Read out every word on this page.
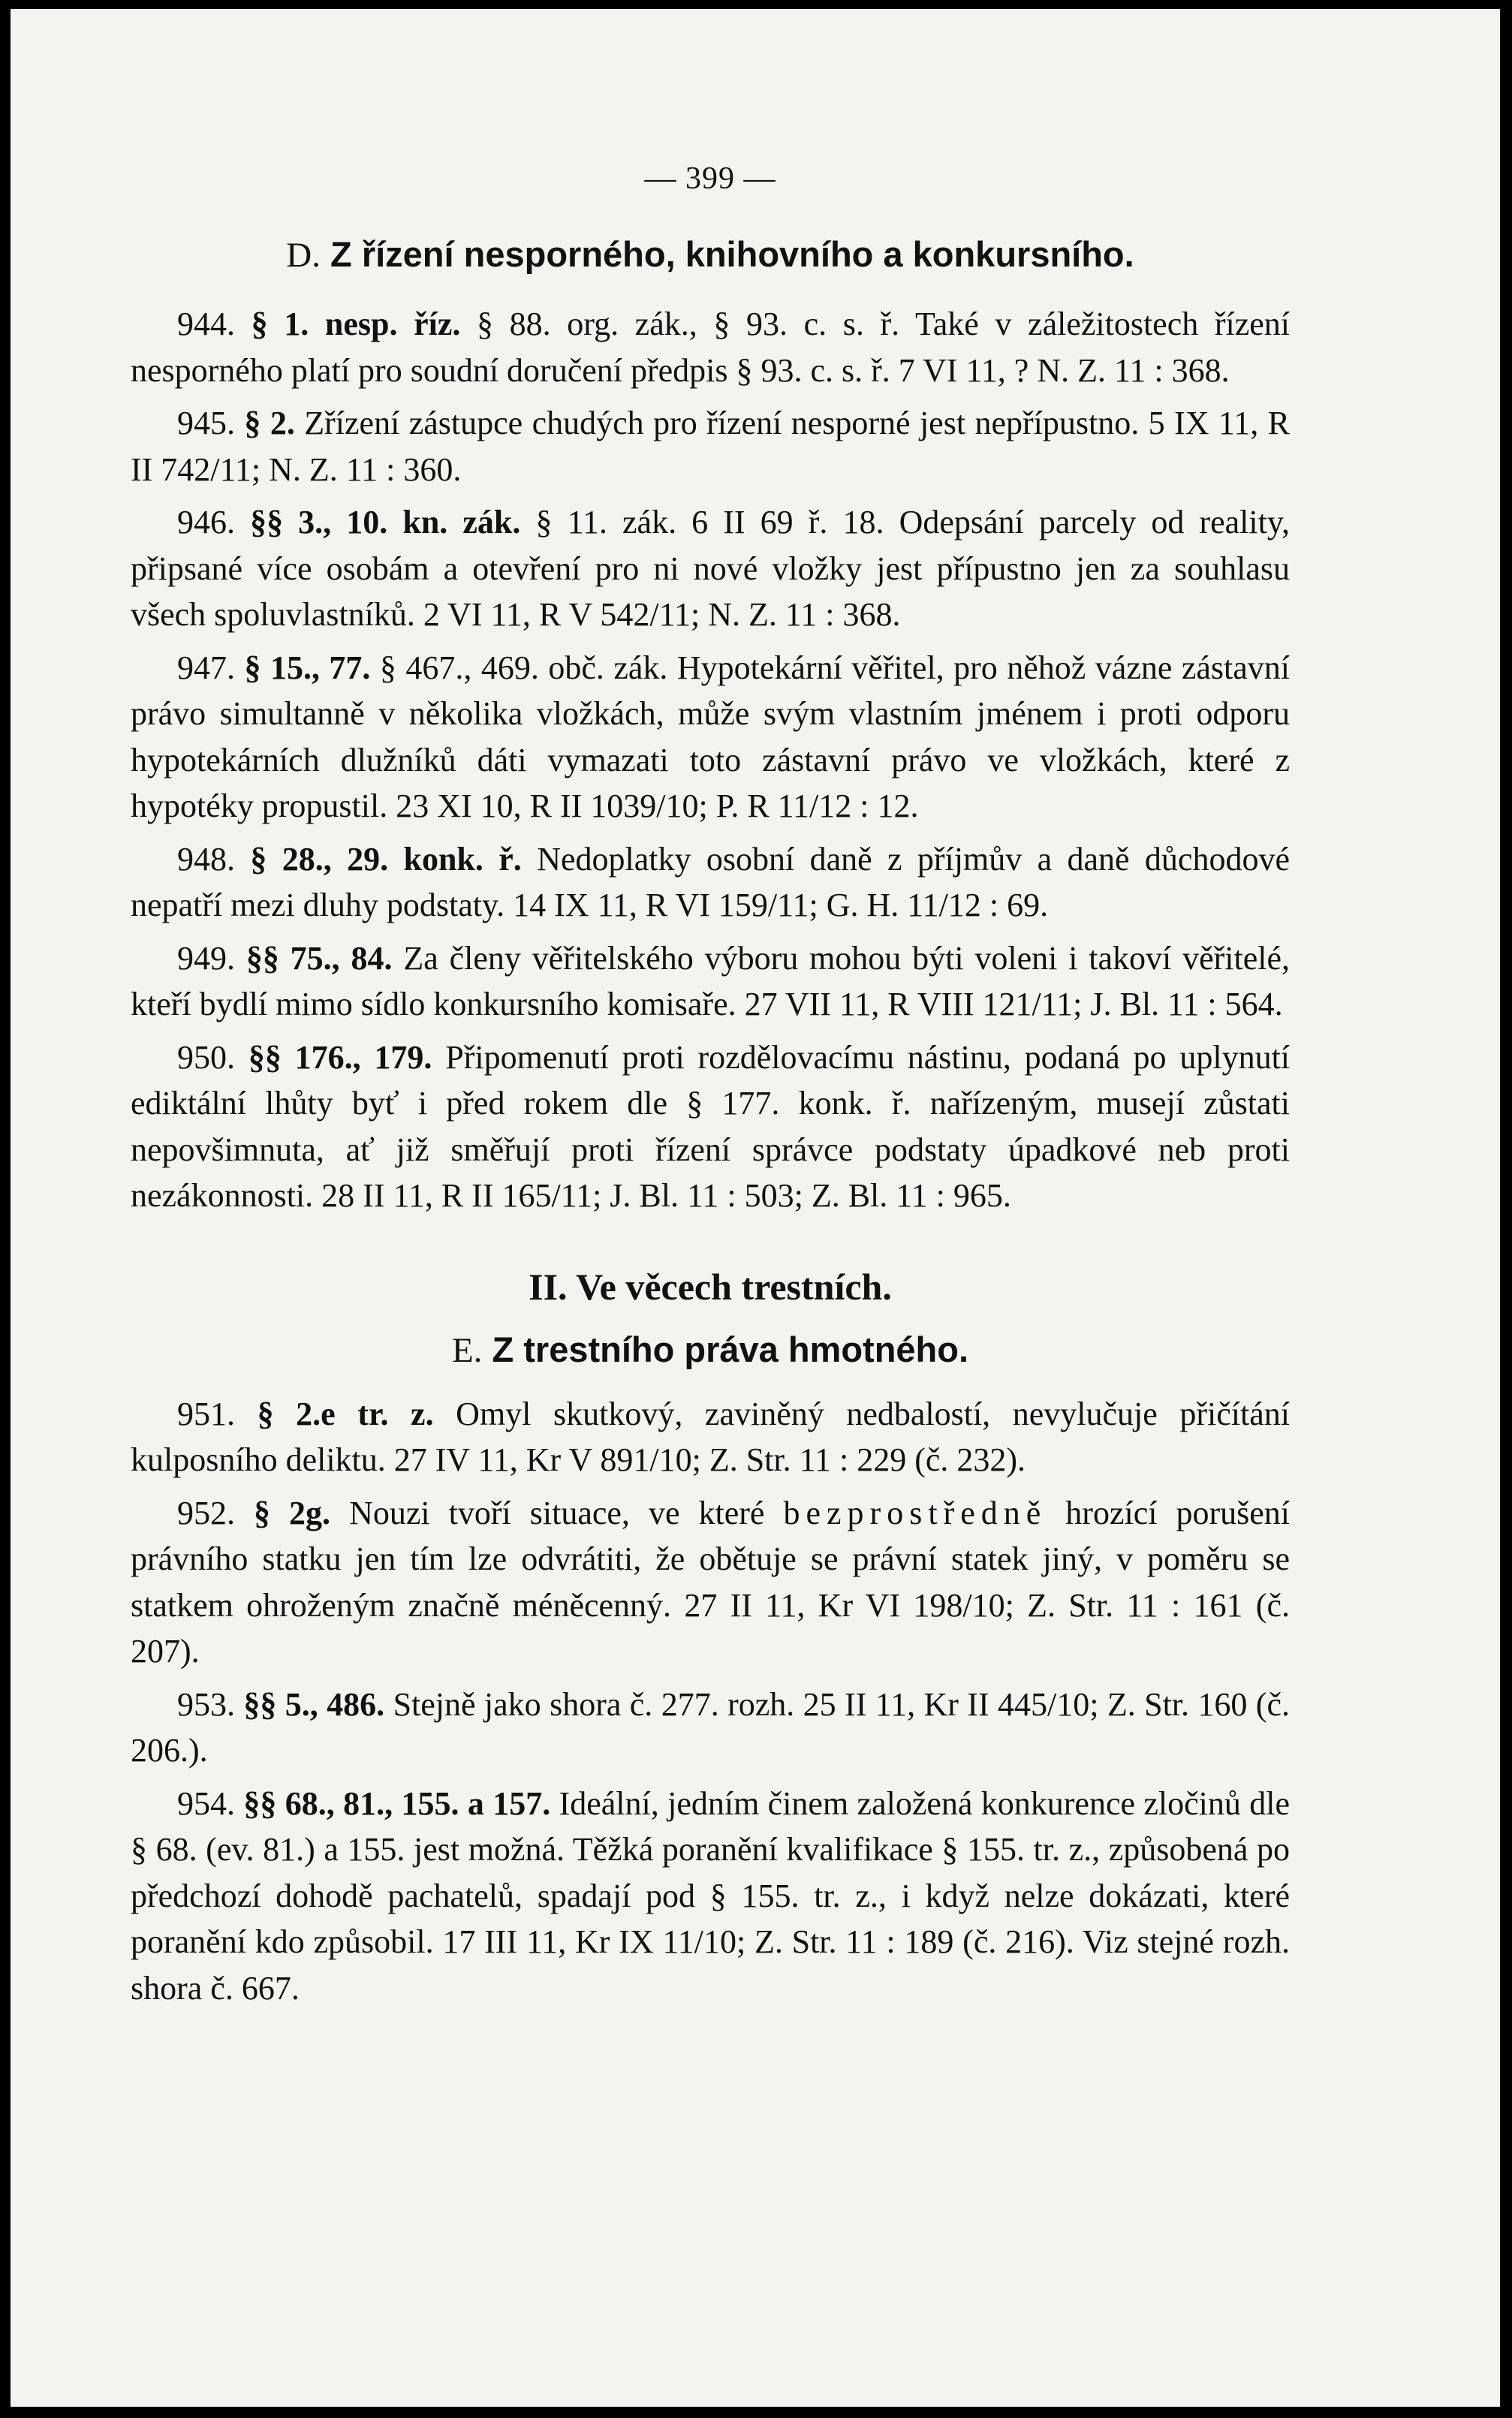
— 399 —
D. Z řízení nesporného, knihovního a konkursního.

944. § 1. nesp. říz. § 88. org. zák., § 93. c. s. ř. Také v záležitostech řízení nesporného platí pro soudní doručení předpis § 93. c. s. ř. 7 VI 11, ? N. Z. 11 : 368.

945. § 2. Zřízení zástupce chudých pro řízení nesporné jest nepřípustno. 5 IX 11, R II 742/11; N. Z. 11 : 360.

946. §§ 3., 10. kn. zák. § 11. zák. 6 II 69 ř. 18. Odepsání parcely od reality, připsané více osobám a otevření pro ni nové vložky jest přípustno jen za souhlasu všech spoluvlastníků. 2 VI 11, R V 542/11; N. Z. 11 : 368.

947. § 15., 77. § 467., 469. obč. zák. Hypotekární věřitel, pro něhož vázne zástavní právo simultanně v několika vložkách, může svým vlastním jménem i proti odporu hypotekárních dlužníků dáti vymazati toto zástavní právo ve vložkách, které z hypotéky propustil. 23 XI 10, R II 1039/10; P. R 11/12 : 12.

948. § 28., 29. konk. ř. Nedoplatky osobní daně z příjmův a daně důchodové nepatří mezi dluhy podstaty. 14 IX 11, R VI 159/11; G. H. 11/12 : 69.

949. §§ 75., 84. Za členy věřitelského výboru mohou býti voleni i takoví věřitelé, kteří bydlí mimo sídlo konkursního komisaře. 27 VII 11, R VIII 121/11; J. Bl. 11 : 564.

950. §§ 176., 179. Připomenutí proti rozdělovacímu nástinu, podaná po uplynutí ediktální lhůty byť i před rokem dle § 177. konk. ř. nařízeným, musejí zůstati nepovšimnuta, ať již směřují proti řízení správce podstaty úpadkové neb proti nezákonnosti. 28 II 11, R II 165/11; J. Bl. 11 : 503; Z. Bl. 11 : 965.

II. Ve věcech trestních.
E. Z trestního práva hmotného.

951. § 2.e tr. z. Omyl skutkový, zaviněný nedbalostí, nevylučuje přičítání kulposního deliktu. 27 IV 11, Kr V 891/10; Z. Str. 11 : 229 (č. 232).

952. § 2g. Nouzi tvoří situace, ve které bezprostředně hrozící porušení právního statku jen tím lze odvrátiti, že obětuje se právní statek jiný, v poměru se statkem ohroženým značně méněcenný. 27 II 11, Kr VI 198/10; Z. Str. 11 : 161 (č. 207).

953. §§ 5., 486. Stejně jako shora č. 277. rozh. 25 II 11, Kr II 445/10; Z. Str. 160 (č. 206.).

954. §§ 68., 81., 155. a 157. Ideální, jedním činem založená konkurence zločinů dle § 68. (ev. 81.) a 155. jest možná. Těžká poranění kvalifikace § 155. tr. z., způsobená po předchozí dohodě pachatelů, spadají pod § 155. tr. z., i když nelze dokázati, které poranění kdo způsobil. 17 III 11, Kr IX 11/10; Z. Str. 11 : 189 (č. 216). Viz stejné rozh. shora č. 667.
